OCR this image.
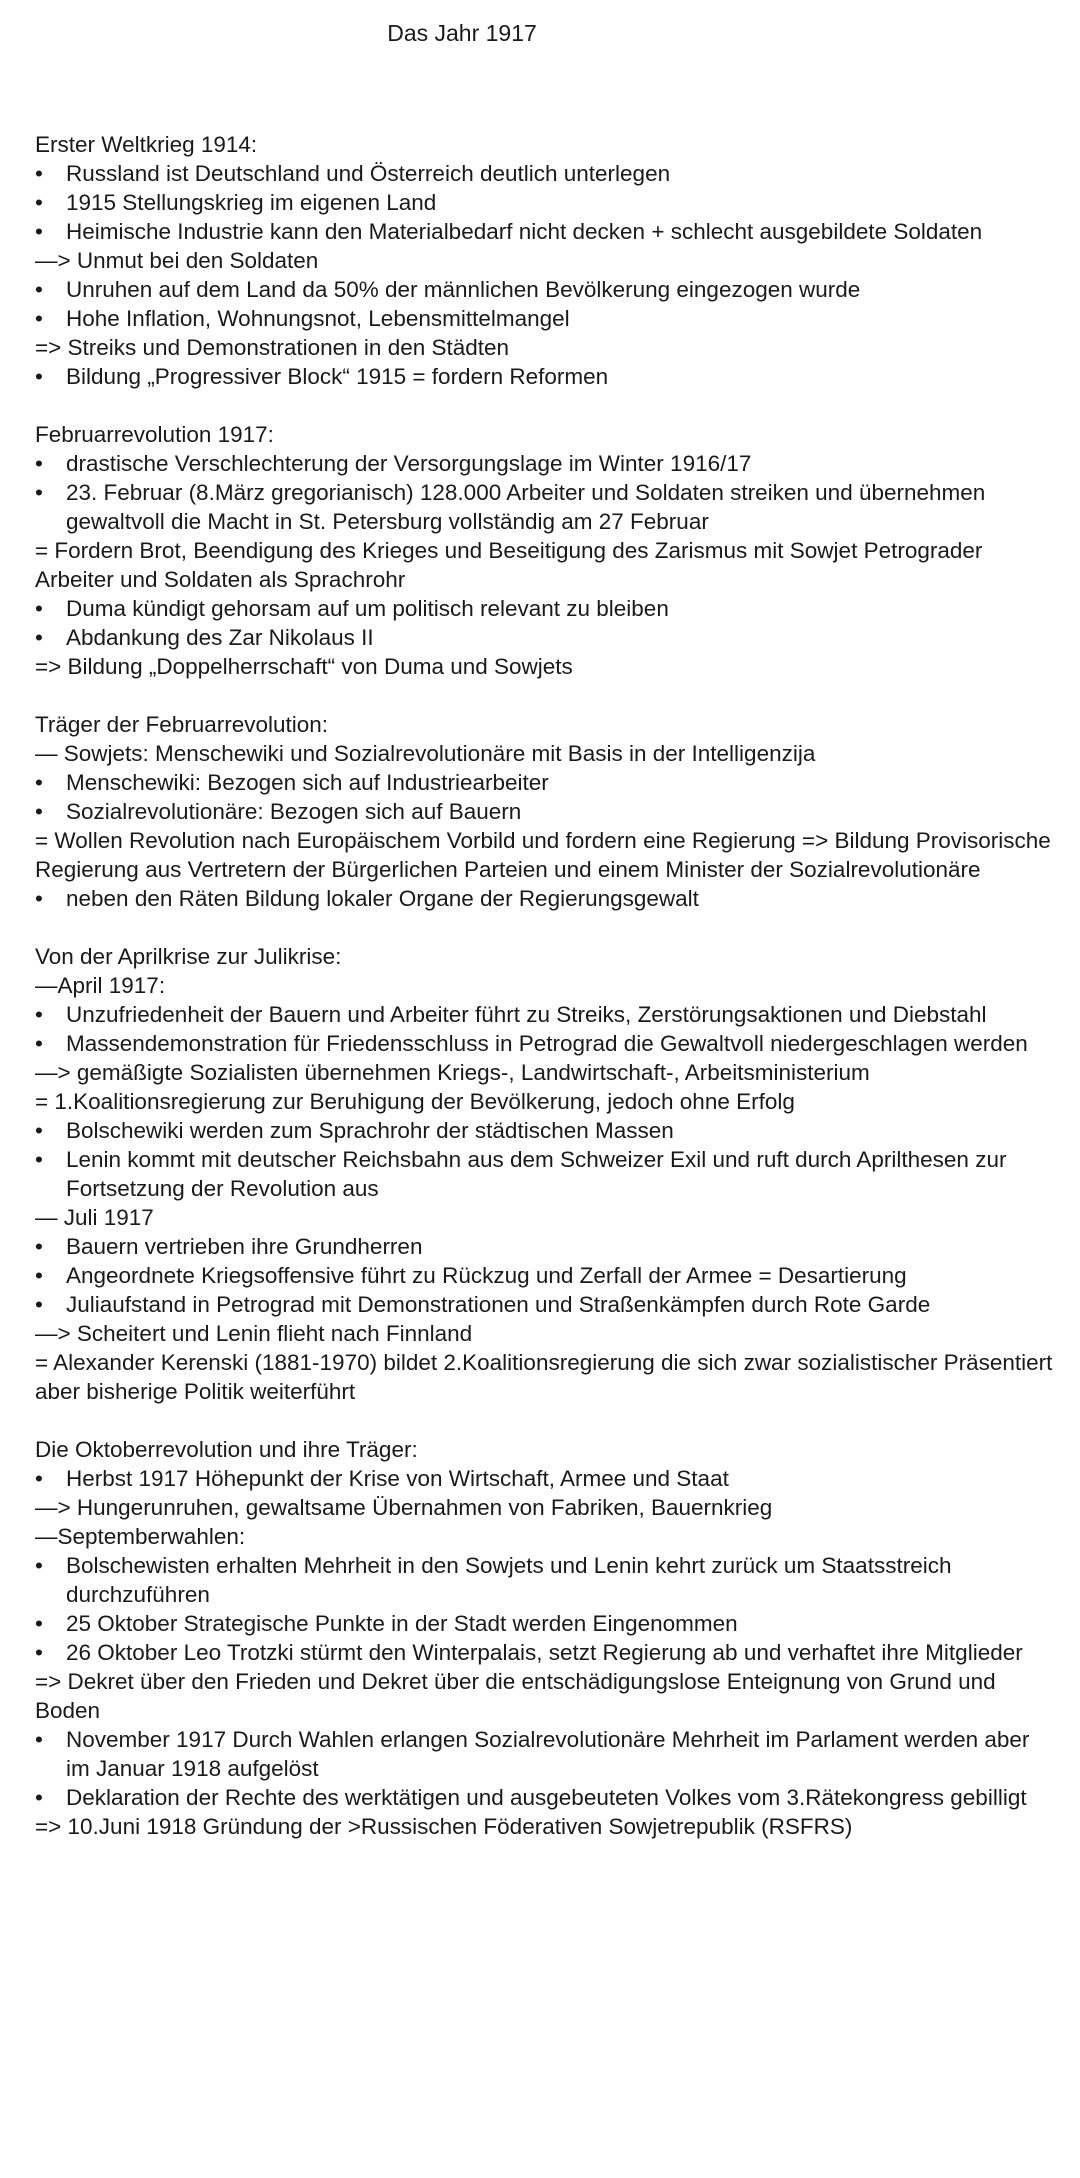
Das Jahr 1917
Erster Weltkrieg 1914:
• Russland ist Deutschland und Österreich deutlich unterlegen
• 1915 Stellungskrieg im eigenen Land
• Heimische Industrie kann den Materialbedarf nicht decken + schlecht ausgebildete Soldaten
—> Unmut bei den Soldaten
• Unruhen auf dem Land da 50% der männlichen Bevölkerung eingezogen wurde
• Hohe Inflation, Wohnungsnot, Lebensmittelmangel
=> Streiks und Demonstrationen in den Städten
• Bildung „Progressiver Block“ 1915 = fordern Reformen
Februarrevolution 1917:
• drastische Verschlechterung der Versorgungslage im Winter 1916/17
• 23. Februar (8.März gregorianisch) 128.000 Arbeiter und Soldaten streiken und übernehmen gewaltvoll die Macht in St. Petersburg vollständig am 27 Februar
= Fordern Brot, Beendigung des Krieges und Beseitigung des Zarismus mit Sowjet Petrograder Arbeiter und Soldaten als Sprachrohr
• Duma kündigt gehorsam auf um politisch relevant zu bleiben
• Abdankung des Zar Nikolaus II
=> Bildung „Doppelherrschaft“ von Duma und Sowjets
Träger der Februarrevolution:
— Sowjets: Menschewiki und Sozialrevolutionäre mit Basis in der Intelligenzija
• Menschewiki: Bezogen sich auf Industriearbeiter
• Sozialrevolutionäre: Bezogen sich auf Bauern
= Wollen Revolution nach Europäischem Vorbild und fordern eine Regierung => Bildung Provisorische Regierung aus Vertretern der Bürgerlichen Parteien und einem Minister der Sozialrevolutionäre
• neben den Räten Bildung lokaler Organe der Regierungsgewalt
Von der Aprilkrise zur Julikrise:
—April 1917:
• Unzufriedenheit der Bauern und Arbeiter führt zu Streiks, Zerstörungsaktionen und Diebstahl
• Massendemonstration für Friedensschluss in Petrograd die Gewaltvoll niedergeschlagen werden
—> gemäßigte Sozialisten übernehmen Kriegs-, Landwirtschaft-, Arbeitsministerium
= 1.Koalitionsregierung zur Beruhigung der Bevölkerung, jedoch ohne Erfolg
• Bolschewiki werden zum Sprachrohr der städtischen Massen
• Lenin kommt mit deutscher Reichsbahn aus dem Schweizer Exil und ruft durch Aprilthesen zur Fortsetzung der Revolution aus
— Juli 1917
• Bauern vertrieben ihre Grundherren
• Angeordnete Kriegsoffensive führt zu Rückzug und Zerfall der Armee = Desartierung
• Juliaufstand in Petrograd mit Demonstrationen und Straßenkämpfen durch Rote Garde
—> Scheitert und Lenin flieht nach Finnland
= Alexander Kerenski (1881-1970) bildet 2.Koalitionsregierung die sich zwar sozialistischer Präsentiert aber bisherige Politik weiterführt
Die Oktoberrevolution und ihre Träger:
• Herbst 1917 Höhepunkt der Krise von Wirtschaft, Armee und Staat
—> Hungerunruhen, gewaltsame Übernahmen von Fabriken, Bauernkrieg
—Septemberwahlen:
• Bolschewisten erhalten Mehrheit in den Sowjets und Lenin kehrt zurück um Staatsstreich durchzuführen
• 25 Oktober Strategische Punkte in der Stadt werden Eingenommen
• 26 Oktober Leo Trotzki stürmt den Winterpalais, setzt Regierung ab und verhaftet ihre Mitglieder
=> Dekret über den Frieden und Dekret über die entschädigungslose Enteignung von Grund und Boden
• November 1917 Durch Wahlen erlangen Sozialrevolutionäre Mehrheit im Parlament werden aber im Januar 1918 aufgelöst
• Deklaration der Rechte des werktätigen und ausgebeuteten Volkes vom 3.Rätekongress gebilligt
=> 10.Juni 1918 Gründung der >Russischen Föderativen Sowjetrepublik (RSFRS)
